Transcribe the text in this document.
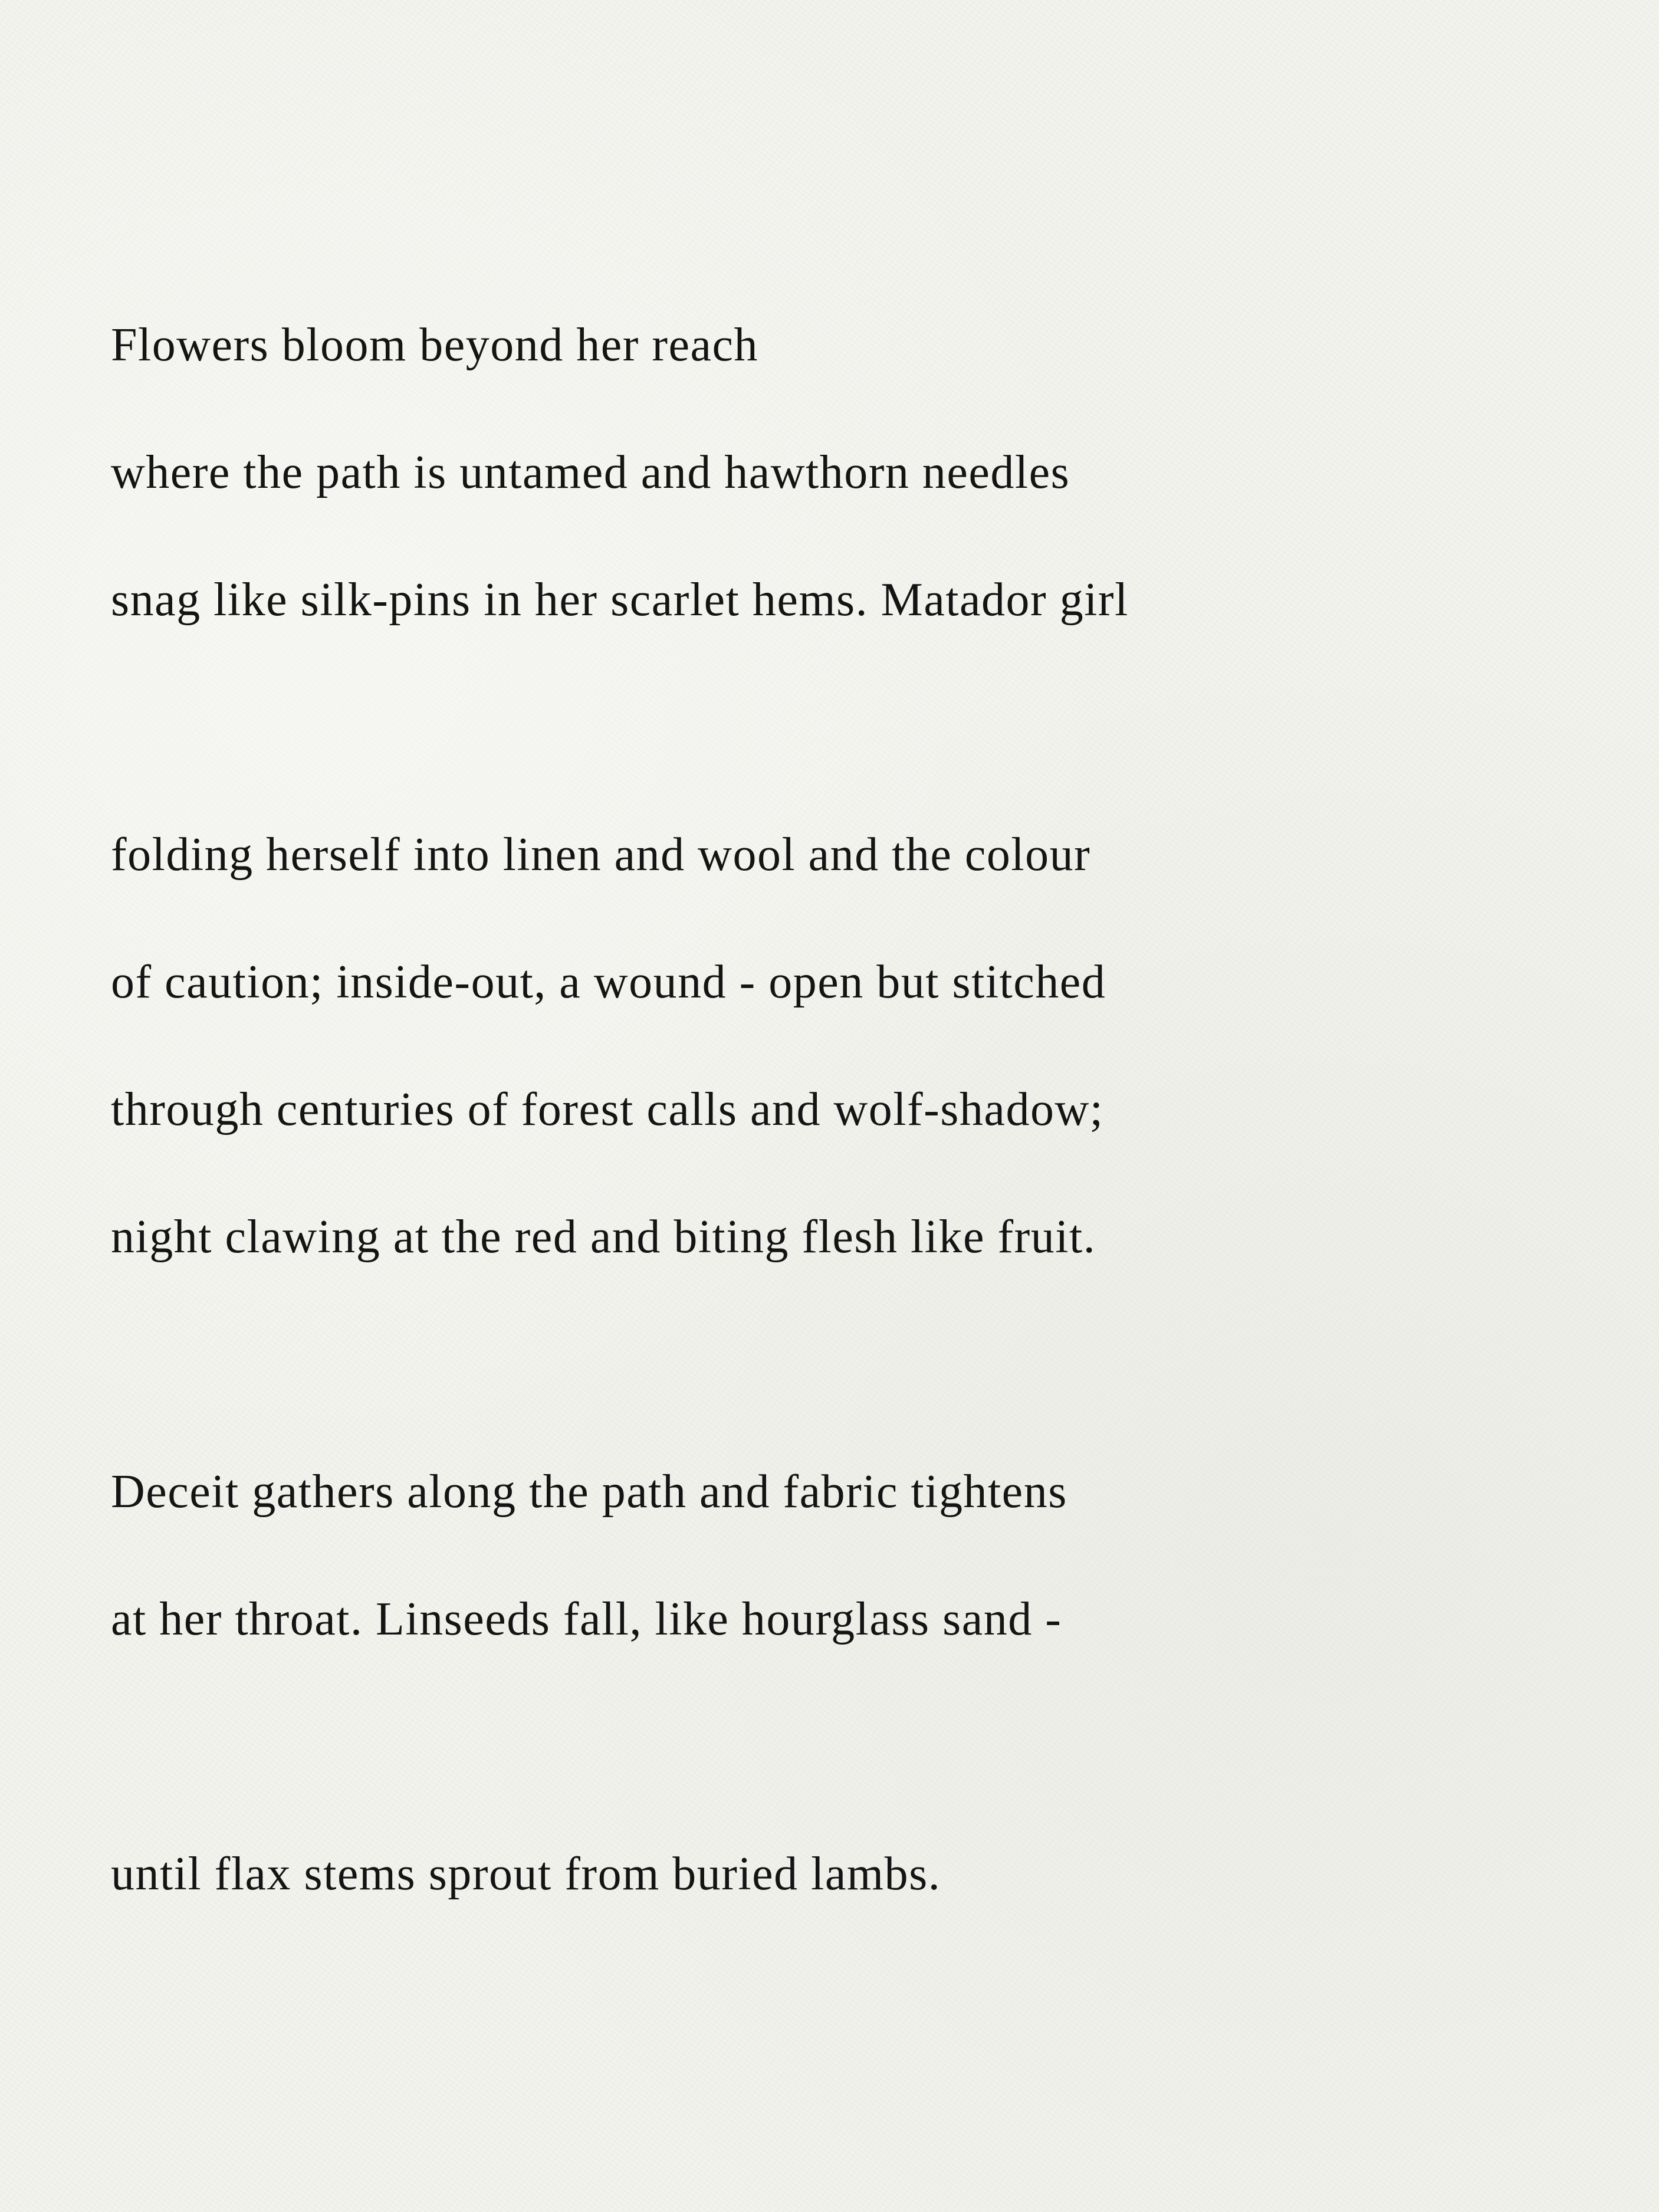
Flowers bloom beyond her reach
where the path is untamed and hawthorn needles
snag like silk-pins in her scarlet hems. Matador girl
folding herself into linen and wool and the colour
of caution; inside-out, a wound - open but stitched
through centuries of forest calls and wolf-shadow;
night clawing at the red and biting flesh like fruit.
Deceit gathers along the path and fabric tightens
at her throat. Linseeds fall, like hourglass sand -
until flax stems sprout from buried lambs.
